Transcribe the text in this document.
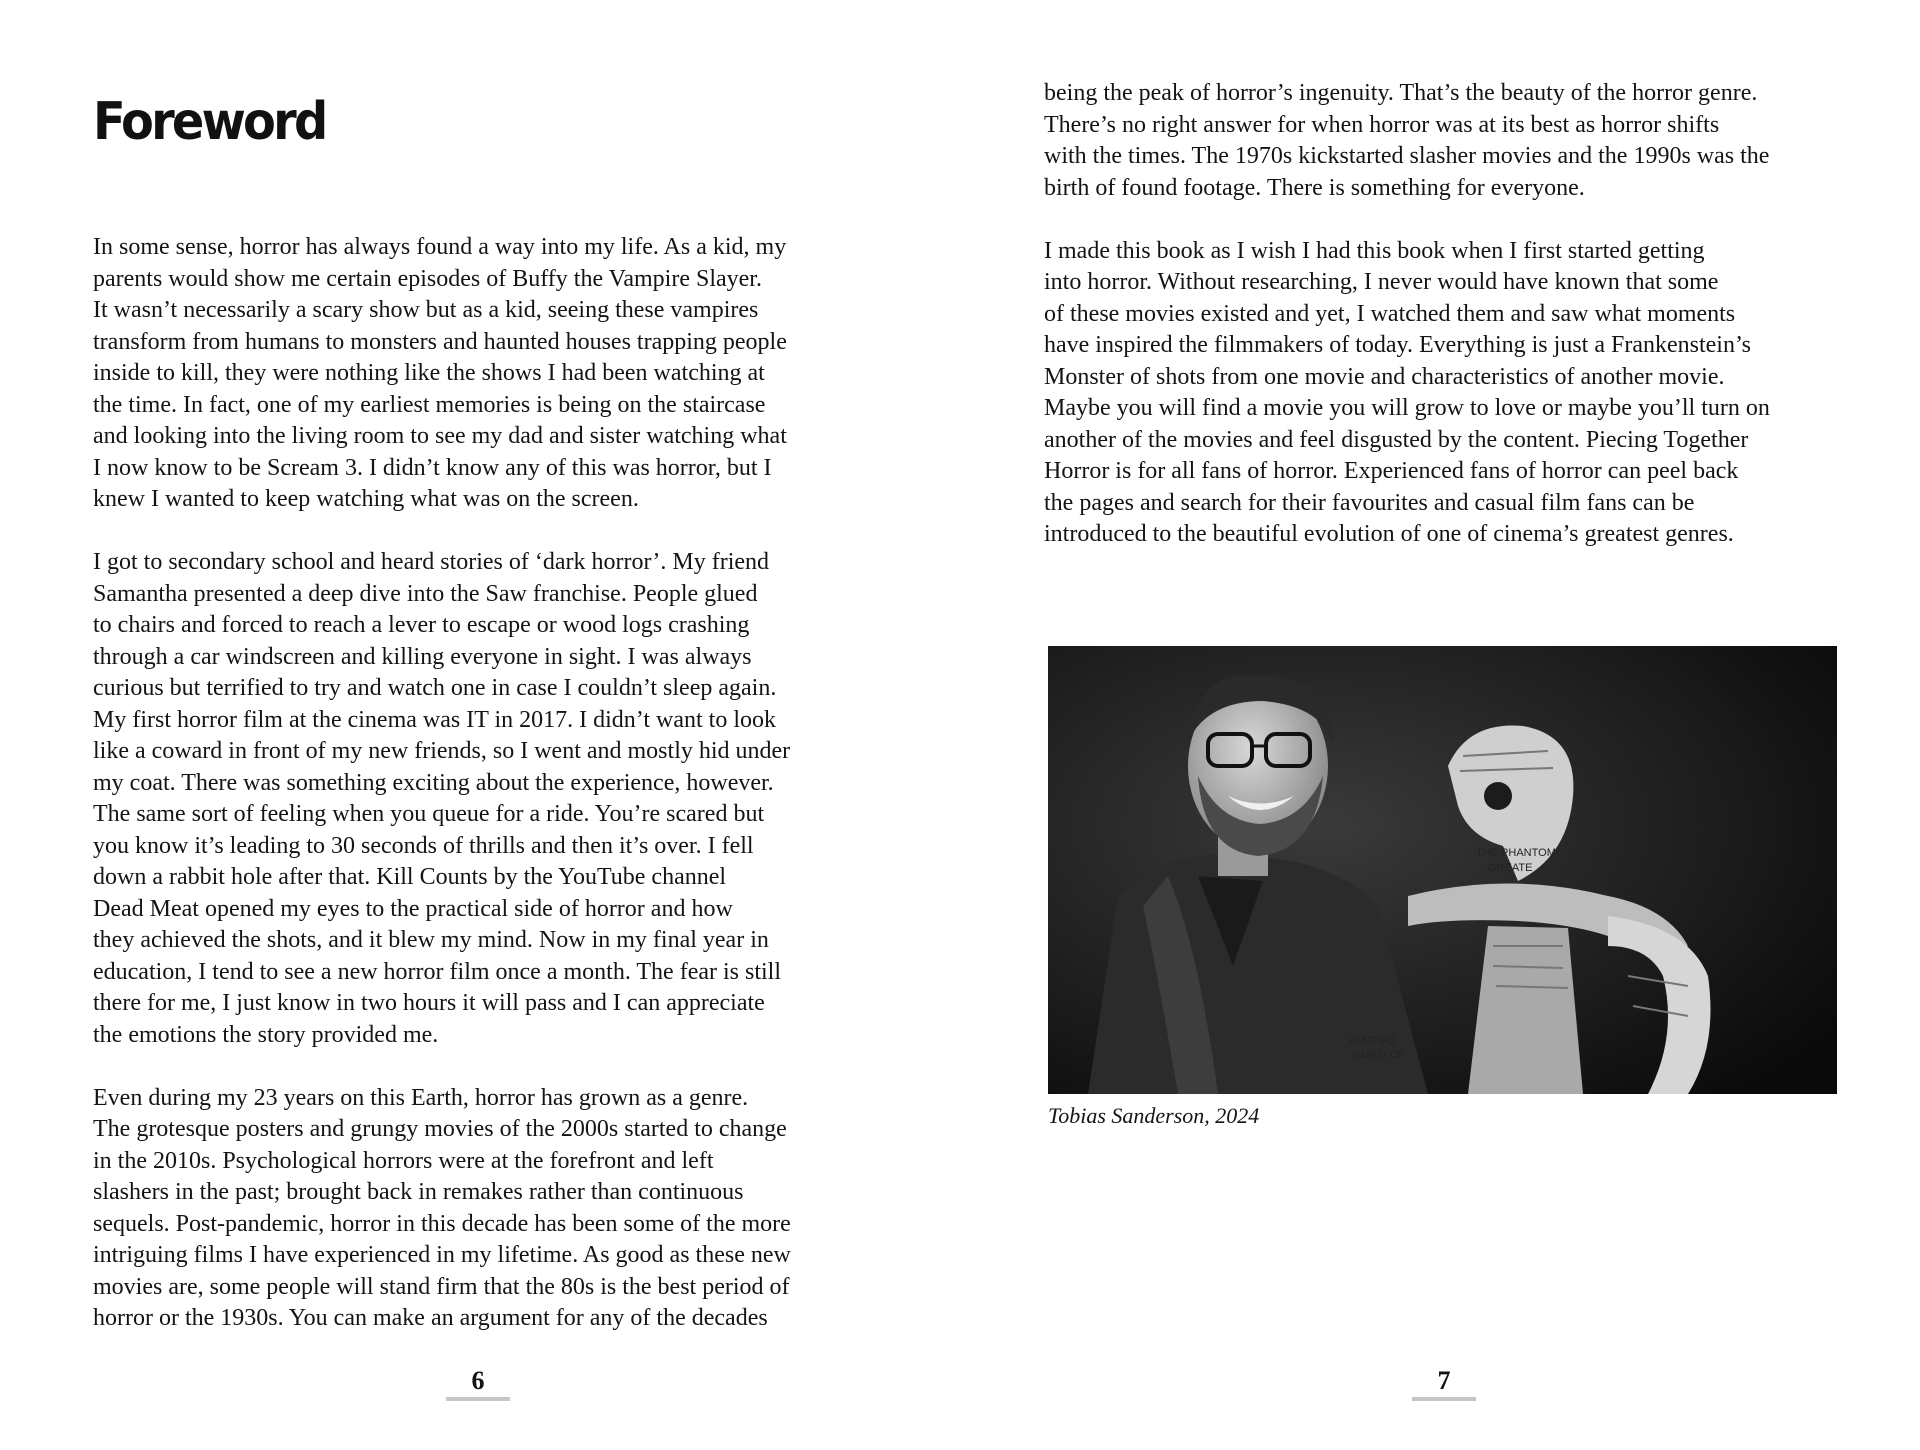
Foreword

In some sense, horror has always found a way into my life. As a kid, my
parents would show me certain episodes of Buffy the Vampire Slayer.
It wasn’t necessarily a scary show but as a kid, seeing these vampires
transform from humans to monsters and haunted houses trapping people
inside to kill, they were nothing like the shows I had been watching at
the time. In fact, one of my earliest memories is being on the staircase
and looking into the living room to see my dad and sister watching what
I now know to be Scream 3. I didn’t know any of this was horror, but I
knew I wanted to keep watching what was on the screen.

I got to secondary school and heard stories of ‘dark horror’. My friend
Samantha presented a deep dive into the Saw franchise. People glued
to chairs and forced to reach a lever to escape or wood logs crashing
through a car windscreen and killing everyone in sight. I was always
curious but terrified to try and watch one in case I couldn’t sleep again.
My first horror film at the cinema was IT in 2017. I didn’t want to look
like a coward in front of my new friends, so I went and mostly hid under
my coat. There was something exciting about the experience, however.
The same sort of feeling when you queue for a ride. You’re scared but
you know it’s leading to 30 seconds of thrills and then it’s over. I fell
down a rabbit hole after that. Kill Counts by the YouTube channel
Dead Meat opened my eyes to the practical side of horror and how
they achieved the shots, and it blew my mind. Now in my final year in
education, I tend to see a new horror film once a month. The fear is still
there for me, I just know in two hours it will pass and I can appreciate
the emotions the story provided me.

Even during my 23 years on this Earth, horror has grown as a genre.
The grotesque posters and grungy movies of the 2000s started to change
in the 2010s. Psychological horrors were at the forefront and left
slashers in the past; brought back in remakes rather than continuous
sequels. Post-pandemic, horror in this decade has been some of the more
intriguing films I have experienced in my lifetime. As good as these new
movies are, some people will stand firm that the 80s is the best period of
horror or the 1930s. You can make an argument for any of the decades

6

being the peak of horror’s ingenuity. That’s the beauty of the horror genre.
There’s no right answer for when horror was at its best as horror shifts
with the times. The 1970s kickstarted slasher movies and the 1990s was the
birth of found footage. There is something for everyone.

I made this book as I wish I had this book when I first started getting
into horror. Without researching, I never would have known that some
of these movies existed and yet, I watched them and saw what moments
have inspired the filmmakers of today. Everything is just a Frankenstein’s
Monster of shots from one movie and characteristics of another movie.
Maybe you will find a movie you will grow to love or maybe you’ll turn on
another of the movies and feel disgusted by the content. Piecing Together
Horror is for all fans of horror. Experienced fans of horror can peel back
the pages and search for their favourites and casual film fans can be
introduced to the beautiful evolution of one of cinema’s greatest genres.

THE PHANTOM
GREATE
VAMPIRE
GUILD OF

Tobias Sanderson, 2024

7
